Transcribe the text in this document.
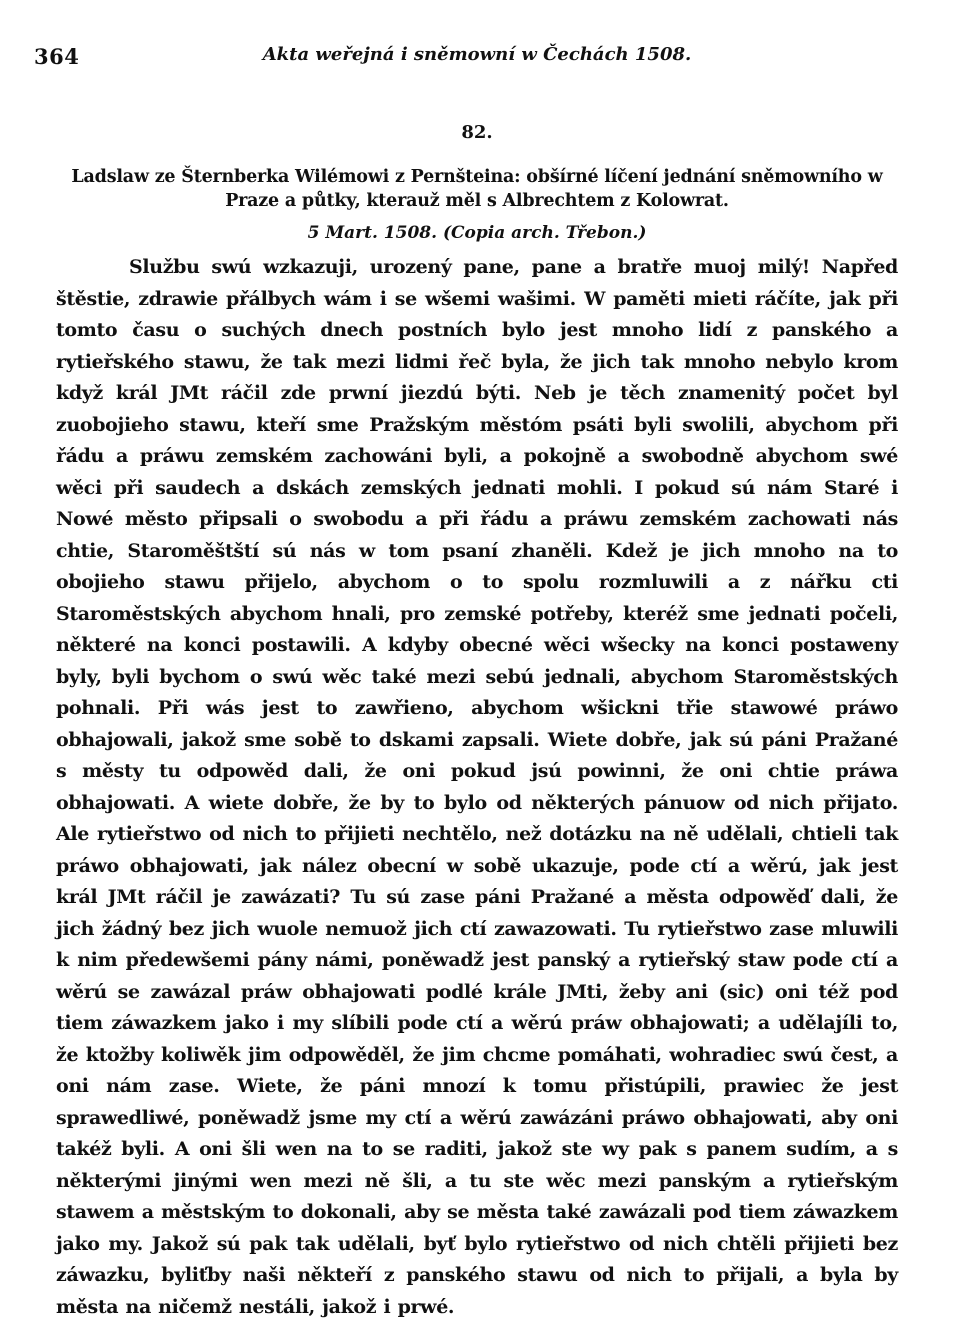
364	Akta weřejná i sněmowní w Čechách 1508.
82.
Ladslaw ze Šternberka Wilémowi z Pernšteina: obšírné líčení jednání sněmowního w Praze a půtky, kterauž měl s Albrechtem z Kolowrat.
5 Mart. 1508. (Copia arch. Třebon.)

Službu swú wzkazuji, urozený pane, pane a bratře muoj milý! Napřed štěstie, zdrawie přálbych wám i se wšemi wašimi. W paměti mieti ráčíte, jak při tomto času o suchých dnech postních bylo jest mnoho lidí z panského a rytieřského stawu, že tak mezi lidmi řeč byla, že jich tak mnoho nebylo krom když král JMt ráčil zde prwní jiezdú býti. Neb je těch znamenitý počet byl zuobojieho stawu, kteří sme Pražským městóm psáti byli swolili, abychom při řádu a práwu zemském zachowáni byli, a pokojně a swobodně abychom swé wěci při saudech a dskách zemských jednati mohli. I pokud sú nám Staré i Nowé město připsali o swobodu a při řádu a práwu zemském zachowati nás chtie, Staroměštští sú nás w tom psaní zhaněli. Kdež je jich mnoho na to obojieho stawu přijelo, abychom o to spolu rozmluwili a z nářku cti Staroměstských abychom hnali, pro zemské potřeby, kteréž sme jednati počeli, některé na konci postawili. A kdyby obecné wěci wšecky na konci postaweny byly, byli bychom o swú wěc také mezi sebú jednali, abychom Staroměstských pohnali. Při wás jest to zawřieno, abychom wšickni třie stawowé práwo obhajowali, jakož sme sobě to dskami zapsali. Wiete dobře, jak sú páni Pražané s městy tu odpowěd dali, že oni pokud jsú powinni, že oni chtie práwa obhajowati. A wiete dobře, že by to bylo od některých pánuow od nich přijato. Ale rytieřstwo od nich to přijieti nechtělo, než dotázku na ně udělali, chtieli tak práwo obhajowati, jak nález obecní w sobě ukazuje, pode ctí a wěrú, jak jest král JMt ráčil je zawázati? Tu sú zase páni Pražané a města odpowěď dali, že jich žádný bez jich wuole nemuož jich ctí zawazowati. Tu rytieřstwo zase mluwili k nim předewšemi pány námi, poněwadž jest panský a rytieřský staw pode ctí a wěrú se zawázal práw obhajowati podlé krále JMti, žeby ani (sic) oni též pod tiem záwazkem jako i my slíbili pode ctí a wěrú práw obhajowati; a udělajíli to, že ktožby koliwěk jim odpowěděl, že jim chcme pomáhati, wohradiec swú čest, a oni nám zase. Wiete, že páni mnozí k tomu přistúpili, prawiec že jest sprawedliwé, poněwadž jsme my ctí a wěrú zawázáni práwo obhajowati, aby oni takéž byli. A oni šli wen na to se raditi, jakož ste wy pak s panem sudím, a s některými jinými wen mezi ně šli, a tu ste wěc mezi panským a rytieřským stawem a městským to dokonali, aby se města také zawázali pod tiem záwazkem jako my. Jakož sú pak tak udělali, byť bylo rytieřstwo od nich chtěli přijieti bez záwazku, byliťby naši někteří z panského stawu od nich to přijali, a byla by města na ničemž nestáli, jakož i prwé.
